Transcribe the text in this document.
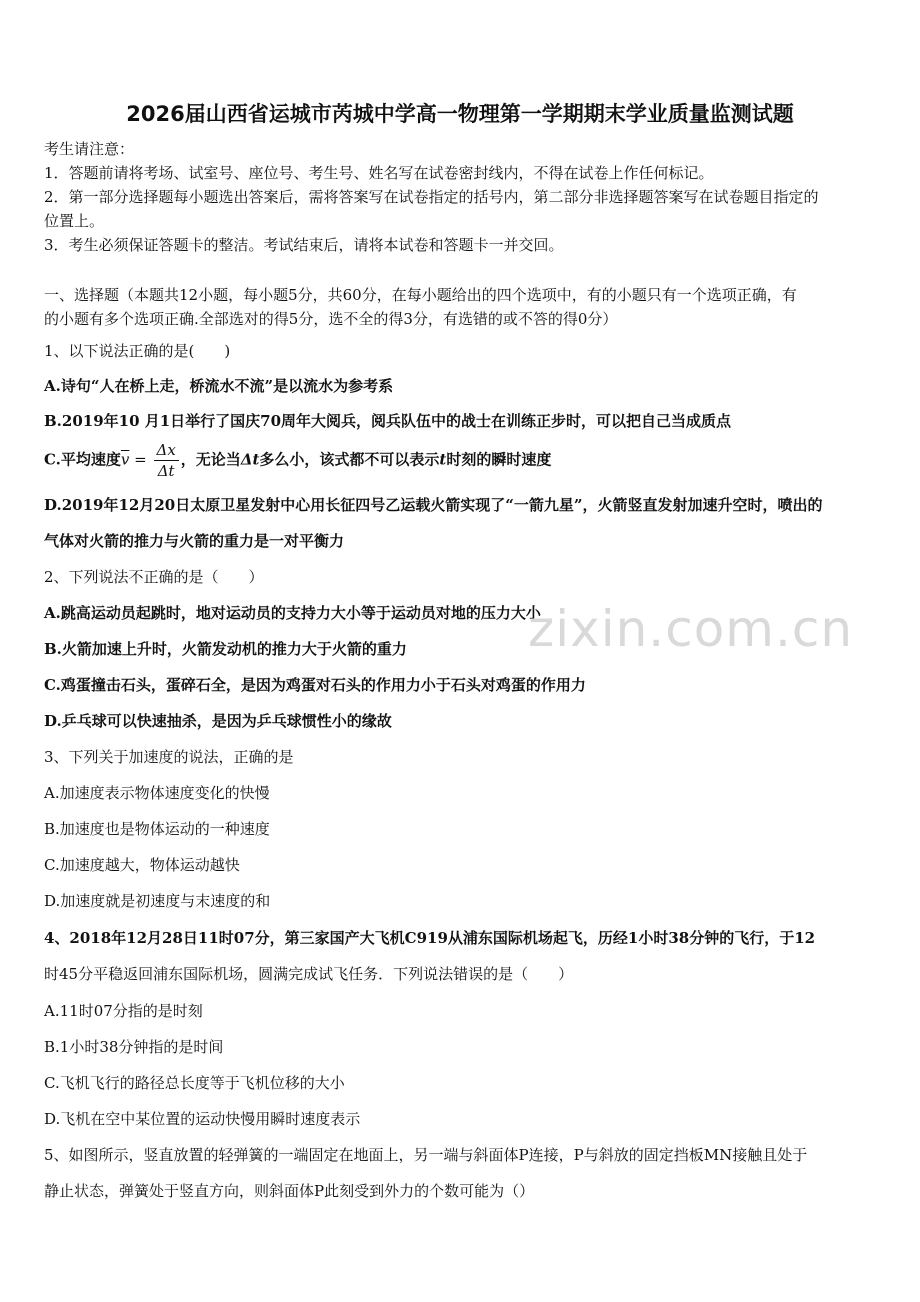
2026届山西省运城市芮城中学高一物理第一学期期末学业质量监测试题
考生请注意：
1．答题前请将考场、试室号、座位号、考生号、姓名写在试卷密封线内，不得在试卷上作任何标记。
2．第一部分选择题每小题选出答案后，需将答案写在试卷指定的括号内，第二部分非选择题答案写在试卷题目指定的
位置上。
3．考生必须保证答题卡的整洁。考试结束后，请将本试卷和答题卡一并交回。
一、选择题（本题共12小题，每小题5分，共60分，在每小题给出的四个选项中，有的小题只有一个选项正确，有
的小题有多个选项正确.全部选对的得5分，选不全的得3分，有选错的或不答的得0分）
1、以下说法正确的是(　　)
A.诗句“人在桥上走，桥流水不流”是以流水为参考系
B.2019年10 月1日举行了国庆70周年大阅兵，阅兵队伍中的战士在训练正步时，可以把自己当成质点
C.平均速度$\overline{v} = \frac{\Delta x}{\Delta t}$ ，无论当Δt多么小，该式都不可以表示t时刻的瞬时速度
D.2019年12月20日太原卫星发射中心用长征四号乙运载火箭实现了“一箭九星”，火箭竖直发射加速升空时，喷出的
气体对火箭的推力与火箭的重力是一对平衡力
2、下列说法不正确的是（　　）
A.跳高运动员起跳时，地对运动员的支持力大小等于运动员对地的压力大小
B.火箭加速上升时，火箭发动机的推力大于火箭的重力
C.鸡蛋撞击石头，蛋碎石全，是因为鸡蛋对石头的作用力小于石头对鸡蛋的作用力
D.乒乓球可以快速抽杀，是因为乒乓球惯性小的缘故
3、下列关于加速度的说法，正确的是
A.加速度表示物体速度变化的快慢
B.加速度也是物体运动的一种速度
C.加速度越大，物体运动越快
D.加速度就是初速度与末速度的和
4、2018年12月28日11时07分，第三家国产大飞机C919从浦东国际机场起飞，历经1小时38分钟的飞行，于12
时45分平稳返回浦东国际机场，圆满完成试飞任务．下列说法错误的是（　　）
A.11时07分指的是时刻
B.1小时38分钟指的是时间
C.飞机飞行的路径总长度等于飞机位移的大小
D.飞机在空中某位置的运动快慢用瞬时速度表示
5、如图所示，竖直放置的轻弹簧的一端固定在地面上，另一端与斜面体P连接，P与斜放的固定挡板MN接触且处于
静止状态，弹簧处于竖直方向，则斜面体P此刻受到外力的个数可能为（）
zixin.com.cn
